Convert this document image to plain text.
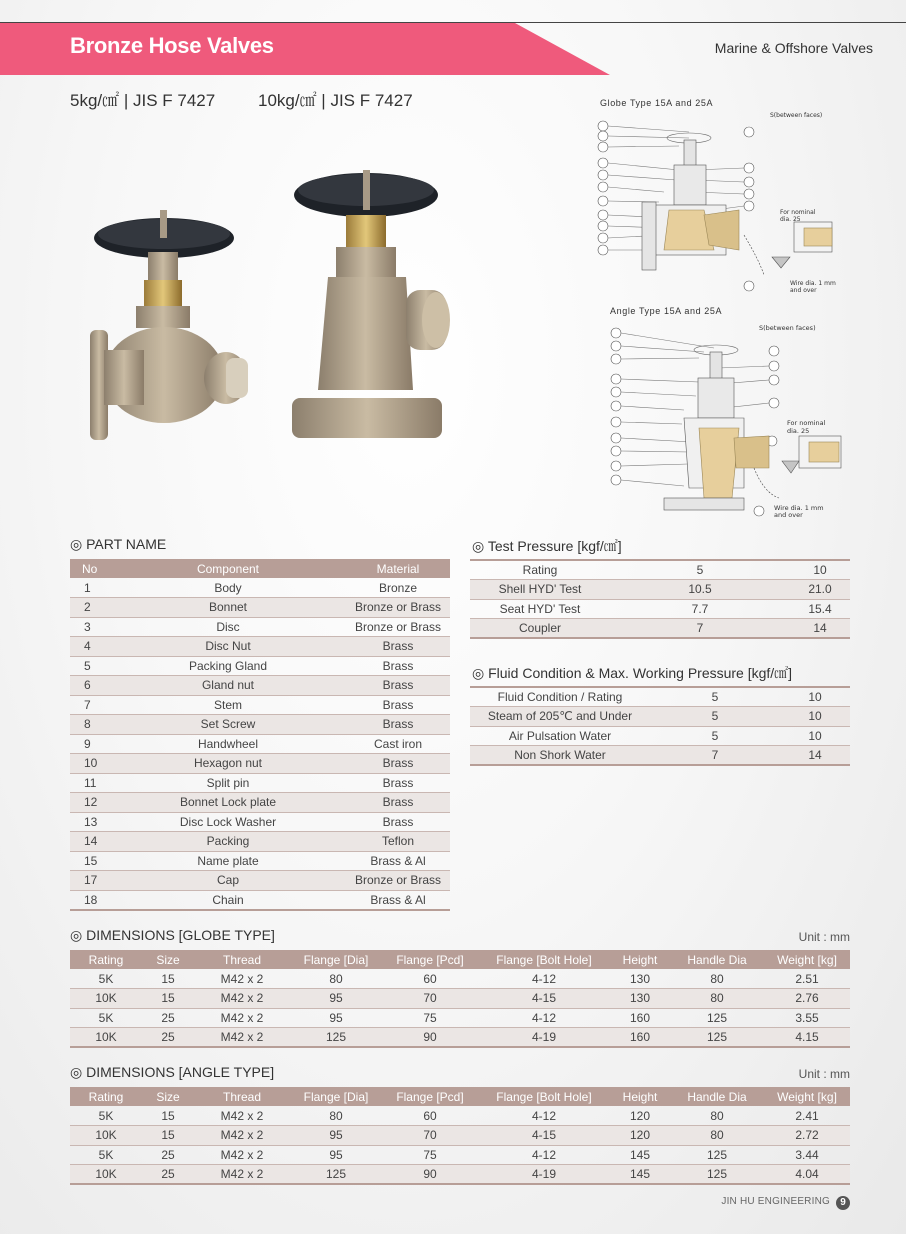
Bronze Hose Valves	Marine & Offshore Valves
5kg/㎠ | JIS F 7427	10kg/㎠ | JIS F 7427	Globe Type 15A and 25A
S(between faces)
For nominal
dia. 25
Wire dia. 1 mm
and over
Angle Type 15A and 25A
S(between faces)
For nominal
dia. 25
Wire dia. 1 mm
and over
◎ PART NAME
No	Component	Material
1	Body	Bronze
2	Bonnet	Bronze or Brass
3	Disc	Bronze or Brass
4	Disc Nut	Brass
5	Packing Gland	Brass
6	Gland nut	Brass
7	Stem	Brass
8	Set Screw	Brass
9	Handwheel	Cast iron
10	Hexagon nut	Brass
11	Split pin	Brass
12	Bonnet Lock plate	Brass
13	Disc Lock Washer	Brass
14	Packing	Teflon
15	Name plate	Brass & Al
17	Cap	Bronze or Brass
18	Chain	Brass & Al
◎ Test Pressure [kgf/㎠]
Rating	5	10
Shell HYD' Test	10.5	21.0
Seat HYD' Test	7.7	15.4
Coupler	7	14
◎ Fluid Condition & Max. Working Pressure [kgf/㎠]
Fluid Condition / Rating	5	10
Steam of 205℃ and Under	5	10
Air Pulsation Water	5	10
Non Shork Water	7	14
◎ DIMENSIONS [GLOBE TYPE]	Unit : mm
Rating	Size	Thread	Flange [Dia]	Flange [Pcd]	Flange [Bolt Hole]	Height	Handle Dia	Weight [kg]
5K	15	M42 x 2	80	60	4-12	130	80	2.51
10K	15	M42 x 2	95	70	4-15	130	80	2.76
5K	25	M42 x 2	95	75	4-12	160	125	3.55
10K	25	M42 x 2	125	90	4-19	160	125	4.15
◎ DIMENSIONS [ANGLE TYPE]	Unit : mm
Rating	Size	Thread	Flange [Dia]	Flange [Pcd]	Flange [Bolt Hole]	Height	Handle Dia	Weight [kg]
5K	15	M42 x 2	80	60	4-12	120	80	2.41
10K	15	M42 x 2	95	70	4-15	120	80	2.72
5K	25	M42 x 2	95	75	4-12	145	125	3.44
10K	25	M42 x 2	125	90	4-19	145	125	4.04
JIN HU ENGINEERING	9
